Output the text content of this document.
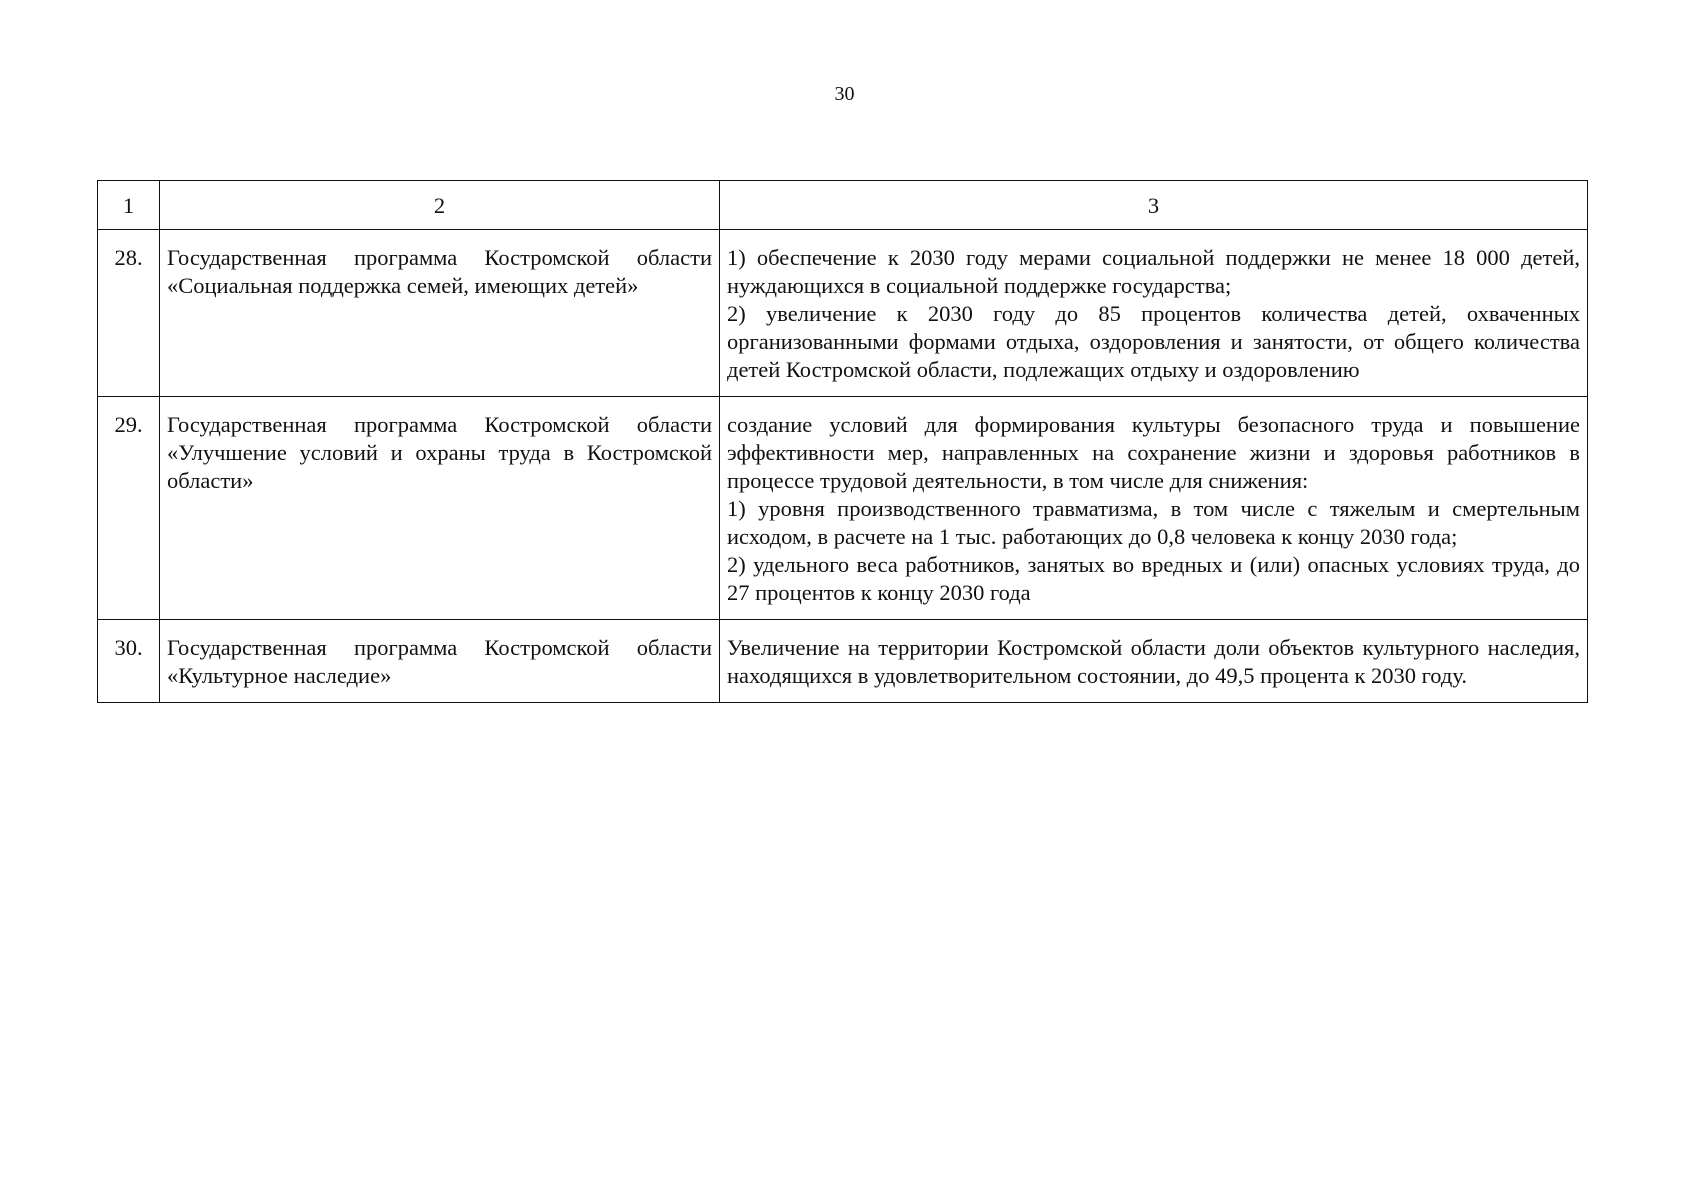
30
1	2	3
28.	Государственная программа Костромской области «Социальная поддержка семей, имеющих детей»	1) обеспечение к 2030 году мерами социальной поддержки не менее 18 000 детей, нуждающихся в социальной поддержке государства;
2) увеличение к 2030 году до 85 процентов количества детей, охваченных организованными формами отдыха, оздоровления и занятости, от общего количества детей Костромской области, подлежащих отдыху и оздоровлению

29.	Государственная программа Костромской области «Улучшение условий и охраны труда в Костромской области»	создание условий для формирования культуры безопасного труда и повышение эффективности мер, направленных на сохранение жизни и здоровья работников в процессе трудовой деятельности, в том числе для снижения:
1) уровня производственного травматизма, в том числе с тяжелым и смертельным исходом, в расчете на 1 тыс. работающих до 0,8 человека к концу 2030 года;
2) удельного веса работников, занятых во вредных и (или) опасных условиях труда, до 27 процентов к концу 2030 года

30.	Государственная программа Костромской области «Культурное наследие»	Увеличение на территории Костромской области доли объектов культурного наследия, находящихся в удовлетворительном состоянии, до 49,5 процента к 2030 году.
